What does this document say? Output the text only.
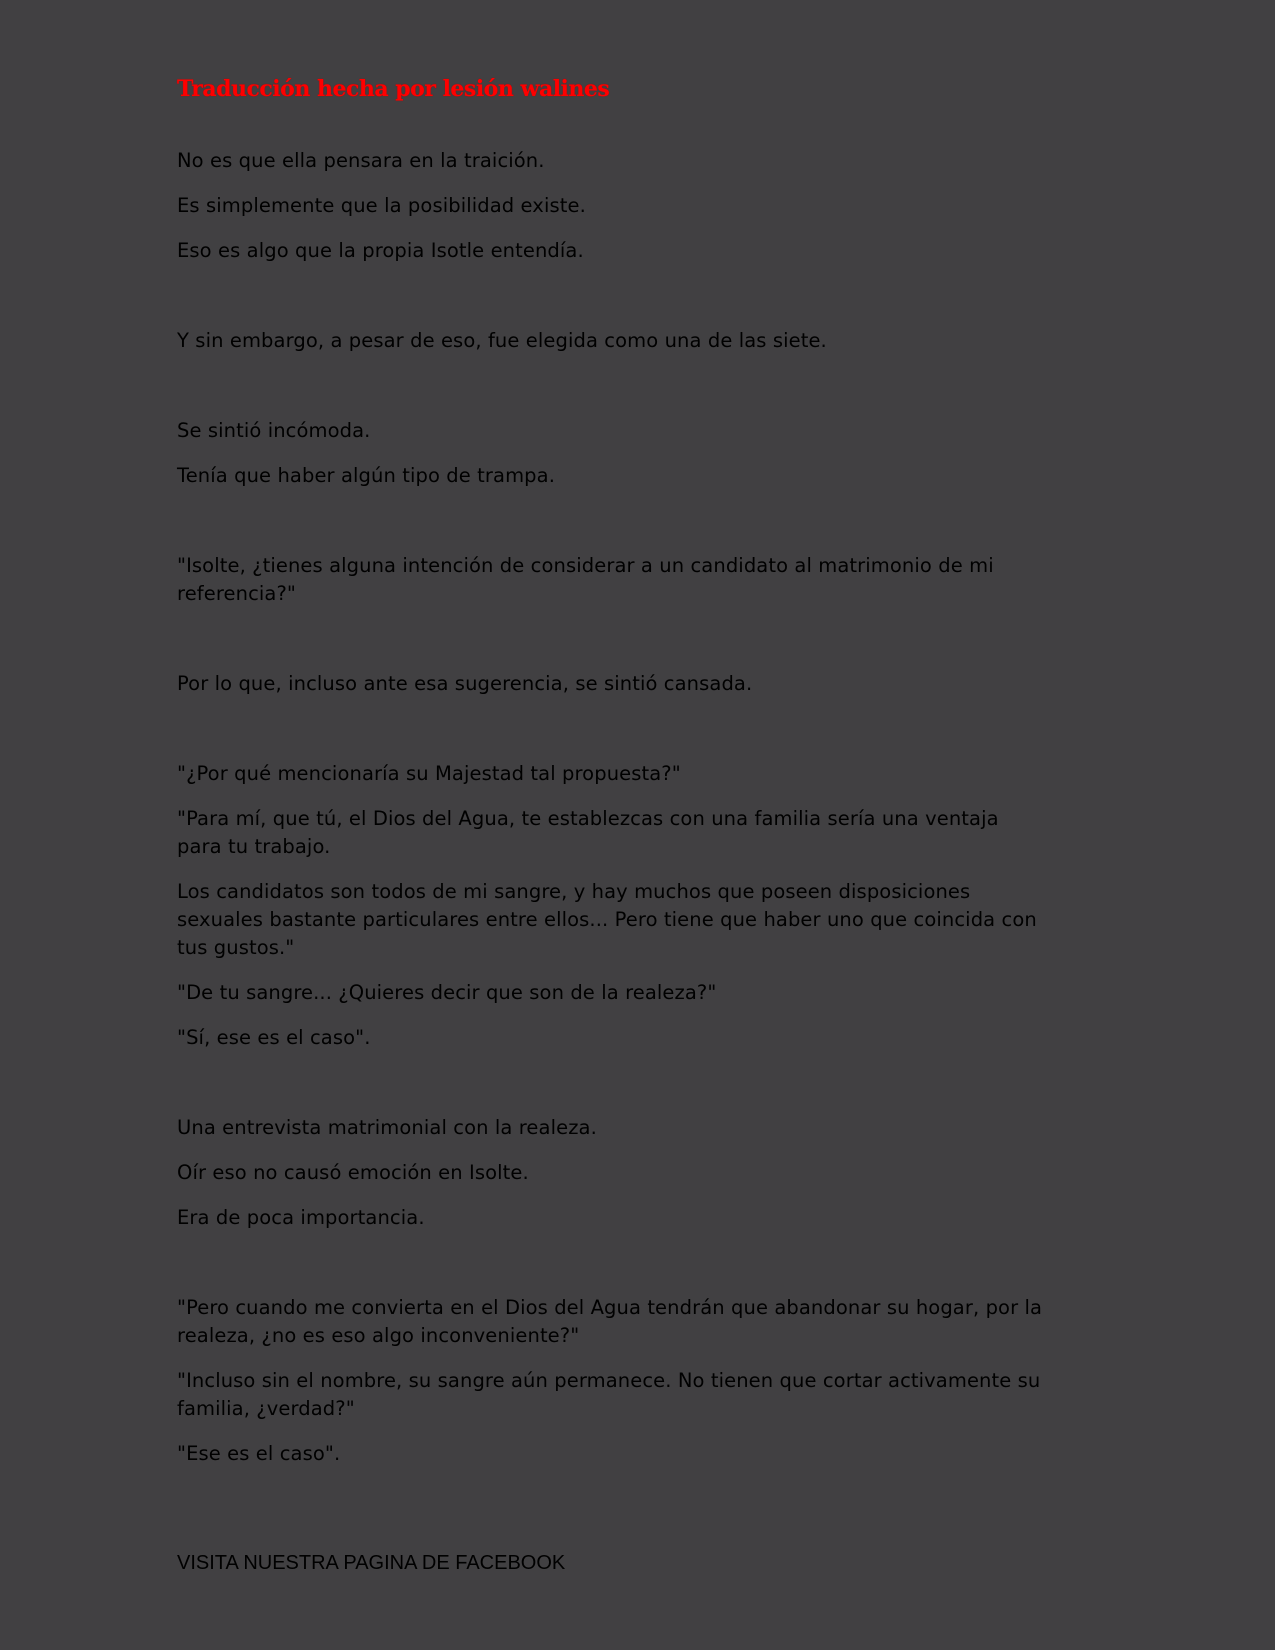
Traducción hecha por lesión walines

No es que ella pensara en la traición.

Es simplemente que la posibilidad existe.

Eso es algo que la propia Isotle entendía.

Y sin embargo, a pesar de eso, fue elegida como una de las siete.

Se sintió incómoda.

Tenía que haber algún tipo de trampa.

"Isolte, ¿tienes alguna intención de considerar a un candidato al matrimonio de mi referencia?"

Por lo que, incluso ante esa sugerencia, se sintió cansada.

"¿Por qué mencionaría su Majestad tal propuesta?"

"Para mí, que tú, el Dios del Agua, te establezcas con una familia sería una ventaja para tu trabajo.

Los candidatos son todos de mi sangre, y hay muchos que poseen disposiciones sexuales bastante particulares entre ellos... Pero tiene que haber uno que coincida con tus gustos."

"De tu sangre... ¿Quieres decir que son de la realeza?"

"Sí, ese es el caso".

Una entrevista matrimonial con la realeza.

Oír eso no causó emoción en Isolte.

Era de poca importancia.

"Pero cuando me convierta en el Dios del Agua tendrán que abandonar su hogar, por la realeza, ¿no es eso algo inconveniente?"

"Incluso sin el nombre, su sangre aún permanece. No tienen que cortar activamente su familia, ¿verdad?"

"Ese es el caso".

VISITA NUESTRA PAGINA DE FACEBOOK
